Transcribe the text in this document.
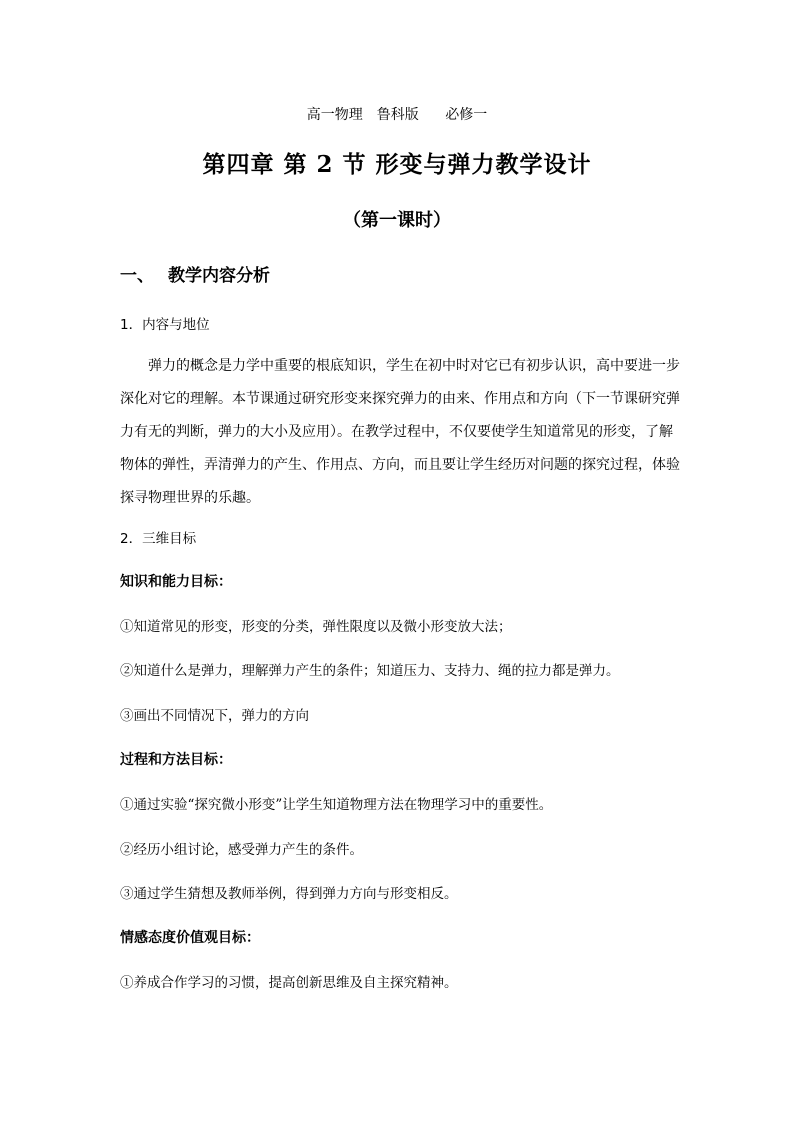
高一物理　鲁科版　 必修一
第四章 第 2 节 形变与弹力教学设计
（第一课时）
一、 教学内容分析
1．内容与地位
弹力的概念是力学中重要的根底知识，学生在初中时对它已有初步认识，高中要进一步
深化对它的理解。本节课通过研究形变来探究弹力的由来、作用点和方向（下一节课研究弹
力有无的判断，弹力的大小及应用）。在教学过程中，不仅要使学生知道常见的形变，了解
物体的弹性，弄清弹力的产生、作用点、方向，而且要让学生经历对问题的探究过程，体验
探寻物理世界的乐趣。
2．三维目标
知识和能力目标：
①知道常见的形变，形变的分类，弹性限度以及微小形变放大法；
②知道什么是弹力，理解弹力产生的条件；知道压力、支持力、绳的拉力都是弹力。
③画出不同情况下，弹力的方向
过程和方法目标：
①通过实验“探究微小形变”让学生知道物理方法在物理学习中的重要性。
②经历小组讨论，感受弹力产生的条件。
③通过学生猜想及教师举例，得到弹力方向与形变相反。
情感态度价值观目标：
①养成合作学习的习惯，提高创新思维及自主探究精神。
